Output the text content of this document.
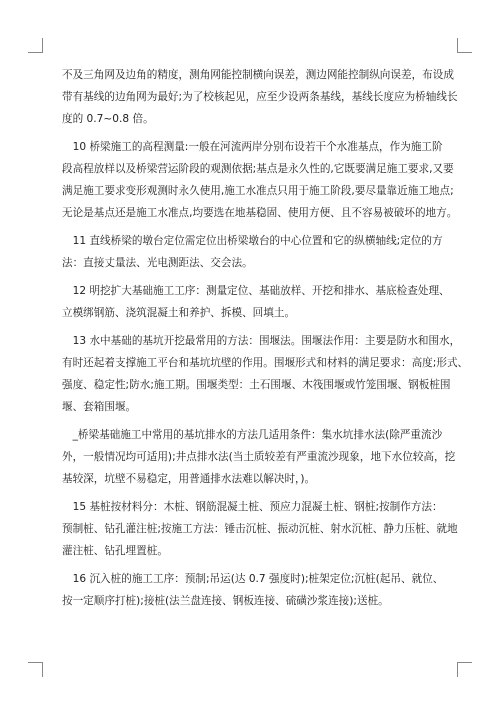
不及三角网及边角的精度，测角网能控制横向误差，测边网能控制纵向误差，布设成
带有基线的边角网为最好;为了校核起见，应至少设两条基线，基线长度应为桥轴线长
度的 0.7~0.8 倍。

　10 桥梁施工的高程测量:一般在河流两岸分别布设若干个水准基点，作为施工阶
段高程放样以及桥梁营运阶段的观测依据;基点是永久性的,它既要满足施工要求,又要
满足施工要求变形观测时永久使用,施工水准点只用于施工阶段,要尽量靠近施工地点;
无论是基点还是施工水准点,均要选在地基稳固、使用方便、且不容易被破坏的地方。

　11 直线桥梁的墩台定位需定位出桥梁墩台的中心位置和它的纵横轴线;定位的方
法：直接丈量法、光电测距法、交会法。

　12 明挖扩大基础施工工序：测量定位、基础放样、开挖和排水、基底检查处理、
立模绑钢筋、浇筑混凝土和养护、拆模、回填土。

　13 水中基础的基坑开挖最常用的方法：围堰法。围堰法作用：主要是防水和围水，
有时还起着支撑施工平台和基坑坑壁的作用。围堰形式和材料的满足要求：高度;形式、
强度、稳定性;防水;施工期。围堰类型：土石围堰、木筏围堰或竹笼围堰、钢板桩围
堰、套箱围堰。

　_桥梁基础施工中常用的基坑排水的方法几适用条件：集水坑排水法(除严重流沙
外，一般情况均可适用);井点排水法(当土质较差有严重流沙现象，地下水位较高，挖
基较深，坑壁不易稳定，用普通排水法难以解决时，)。

　15 基桩按材料分：木桩、钢筋混凝土桩、预应力混凝土桩、钢桩;按制作方法：
预制桩、钻孔灌注桩;按施工方法：锤击沉桩、振动沉桩、射水沉桩、静力压桩、就地
灌注桩、钻孔埋置桩。

　16 沉入桩的施工工序：预制;吊运(达 0.7 强度时);桩架定位;沉桩(起吊、就位、
按一定顺序打桩);接桩(法兰盘连接、钢板连接、硫磺沙浆连接);送桩。
